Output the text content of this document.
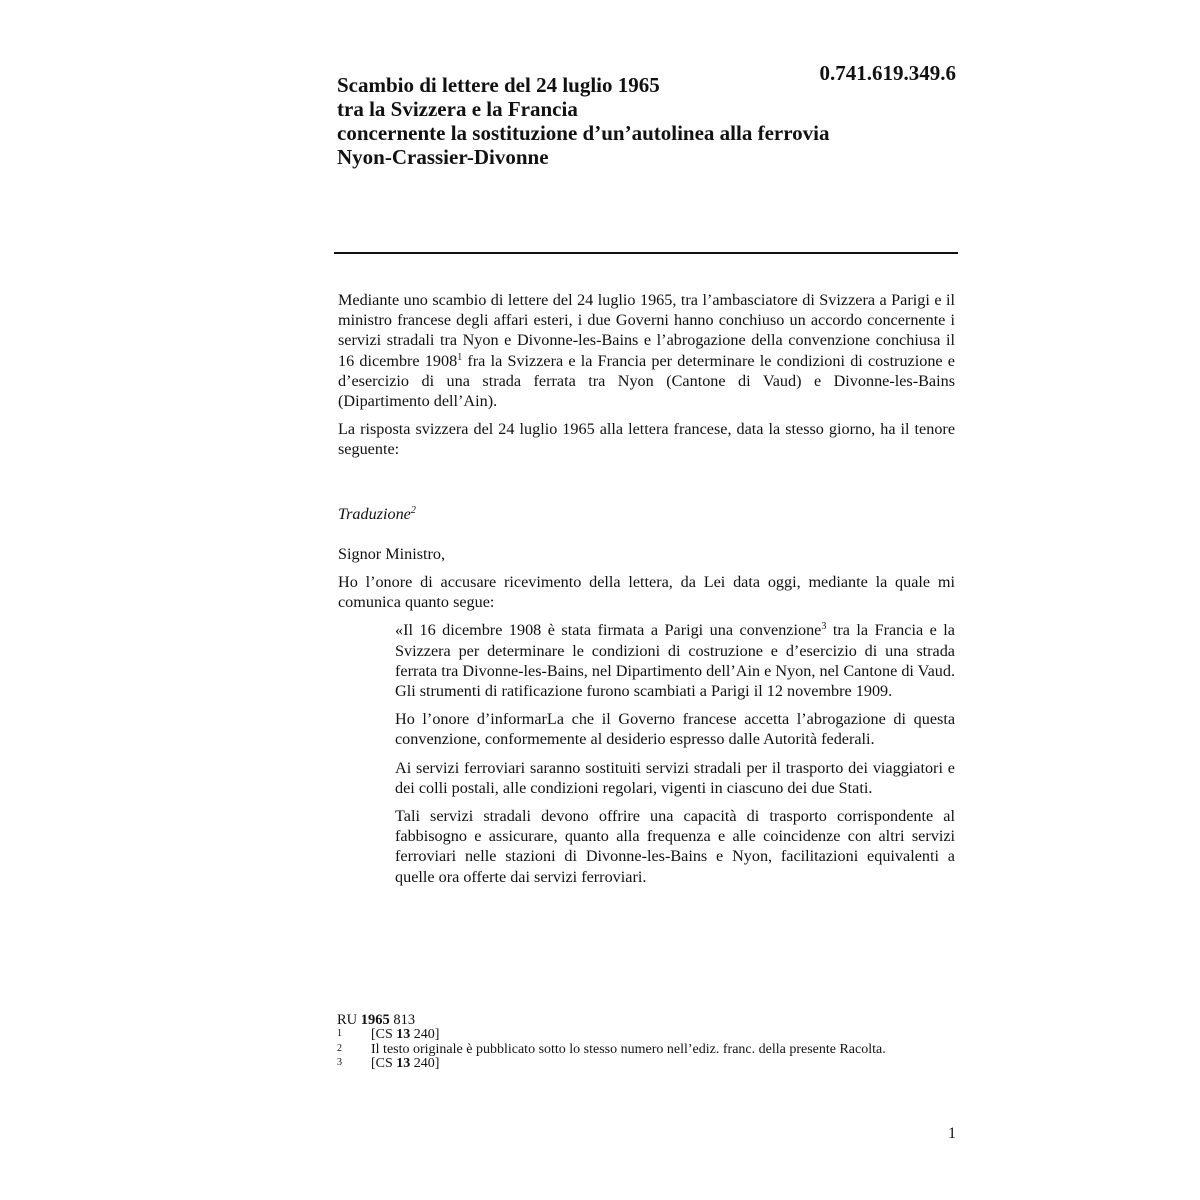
0.741.619.349.6
Scambio di lettere del 24 luglio 1965
tra la Svizzera e la Francia
concernente la sostituzione d’un’autolinea alla ferrovia
Nyon-Crassier-Divonne

Mediante uno scambio di lettere del 24 luglio 1965, tra l’ambasciatore di Svizzera a Parigi e il ministro francese degli affari esteri, i due Governi hanno conchiuso un accordo concernente i servizi stradali tra Nyon e Divonne-les-Bains e l’abrogazione della convenzione conchiusa il 16 dicembre 1908$^1$ fra la Svizzera e la Francia per determinare le condizioni di costruzione e d’esercizio di una strada ferrata tra Nyon (Cantone di Vaud) e Divonne-les-Bains (Dipartimento dell’Ain).

La risposta svizzera del 24 luglio 1965 alla lettera francese, data la stesso giorno, ha il tenore seguente:

Traduzione$^2$

Signor Ministro,

Ho l’onore di accusare ricevimento della lettera, da Lei data oggi, mediante la quale mi comunica quanto segue:

«Il 16 dicembre 1908 è stata firmata a Parigi una convenzione$^3$ tra la Francia e la Svizzera per determinare le condizioni di costruzione e d’esercizio di una strada ferrata tra Divonne-les-Bains, nel Dipartimento dell’Ain e Nyon, nel Cantone di Vaud. Gli strumenti di ratificazione furono scambiati a Parigi il 12 novembre 1909.

Ho l’onore d’informarLa che il Governo francese accetta l’abrogazione di questa convenzione, conformemente al desiderio espresso dalle Autorità federali.

Ai servizi ferroviari saranno sostituiti servizi stradali per il trasporto dei viaggiatori e dei colli postali, alle condizioni regolari, vigenti in ciascuno dei due Stati.

Tali servizi stradali devono offrire una capacità di trasporto corrispondente al fabbisogno e assicurare, quanto alla frequenza e alle coincidenze con altri servizi ferroviari nelle stazioni di Divonne-les-Bains e Nyon, facilitazioni equivalenti a quelle ora offerte dai servizi ferroviari.

RU 1965 813
1	[CS 13 240]
2	Il testo originale è pubblicato sotto lo stesso numero nell’ediz. franc. della presente Racolta.
3	[CS 13 240]
1
